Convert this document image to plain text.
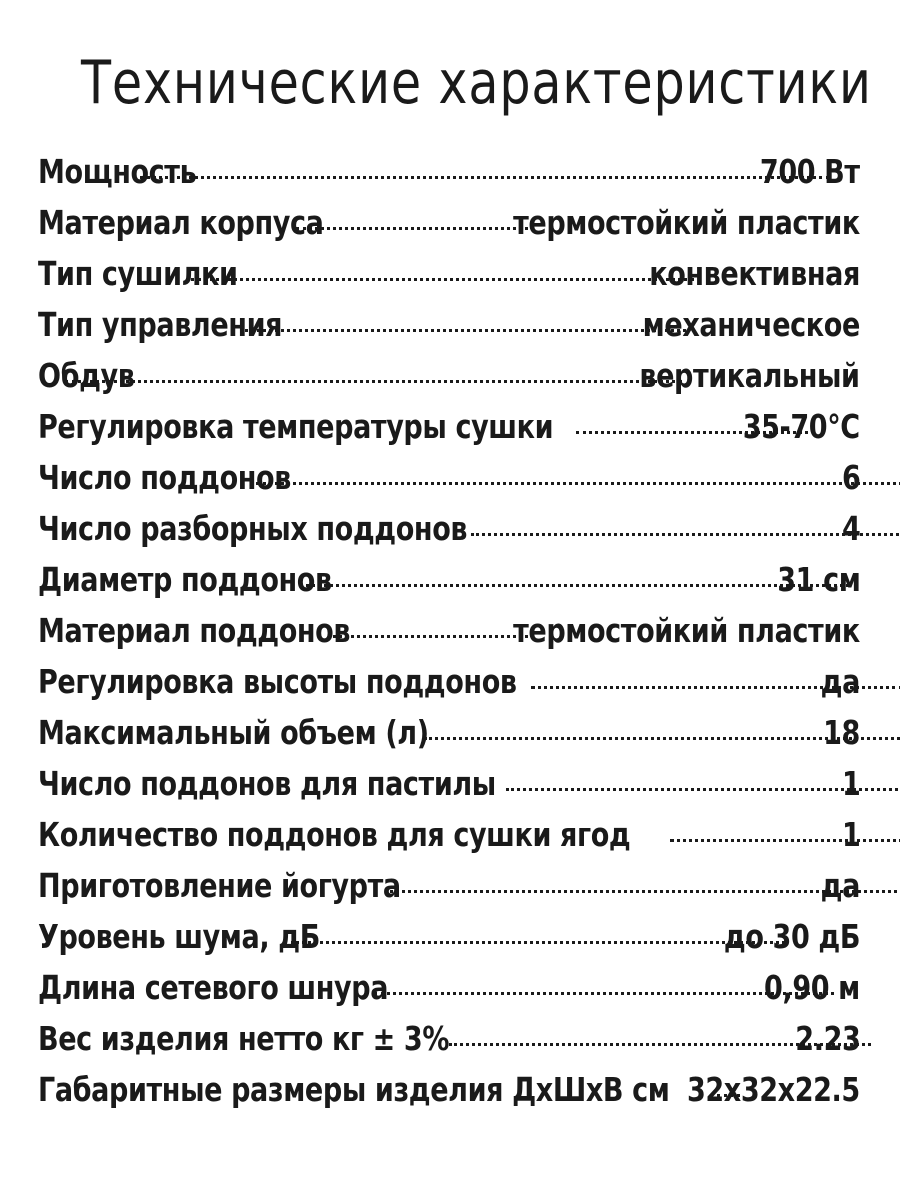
Технические характеристики
Мощность	700 Вт
Материал корпуса	термостойкий пластик
Тип сушилки	конвективная
Тип управления	механическое
Обдув	вертикальный
Регулировка температуры сушки	35-70°C
Число поддонов	6
Число разборных поддонов	4
Диаметр поддонов	31 см
Материал поддонов	термостойкий пластик
Регулировка высоты поддонов	да
Максимальный объем (л)	18
Число поддонов для пастилы	1
Количество поддонов для сушки ягод	1
Приготовление йогурта	да
Уровень шума, дБ	до 30 дБ
Длина сетевого шнура	0,90 м
Вес изделия нетто кг ± 3%	2.23
Габаритные размеры изделия ДхШхВ см 32x32x22.5
